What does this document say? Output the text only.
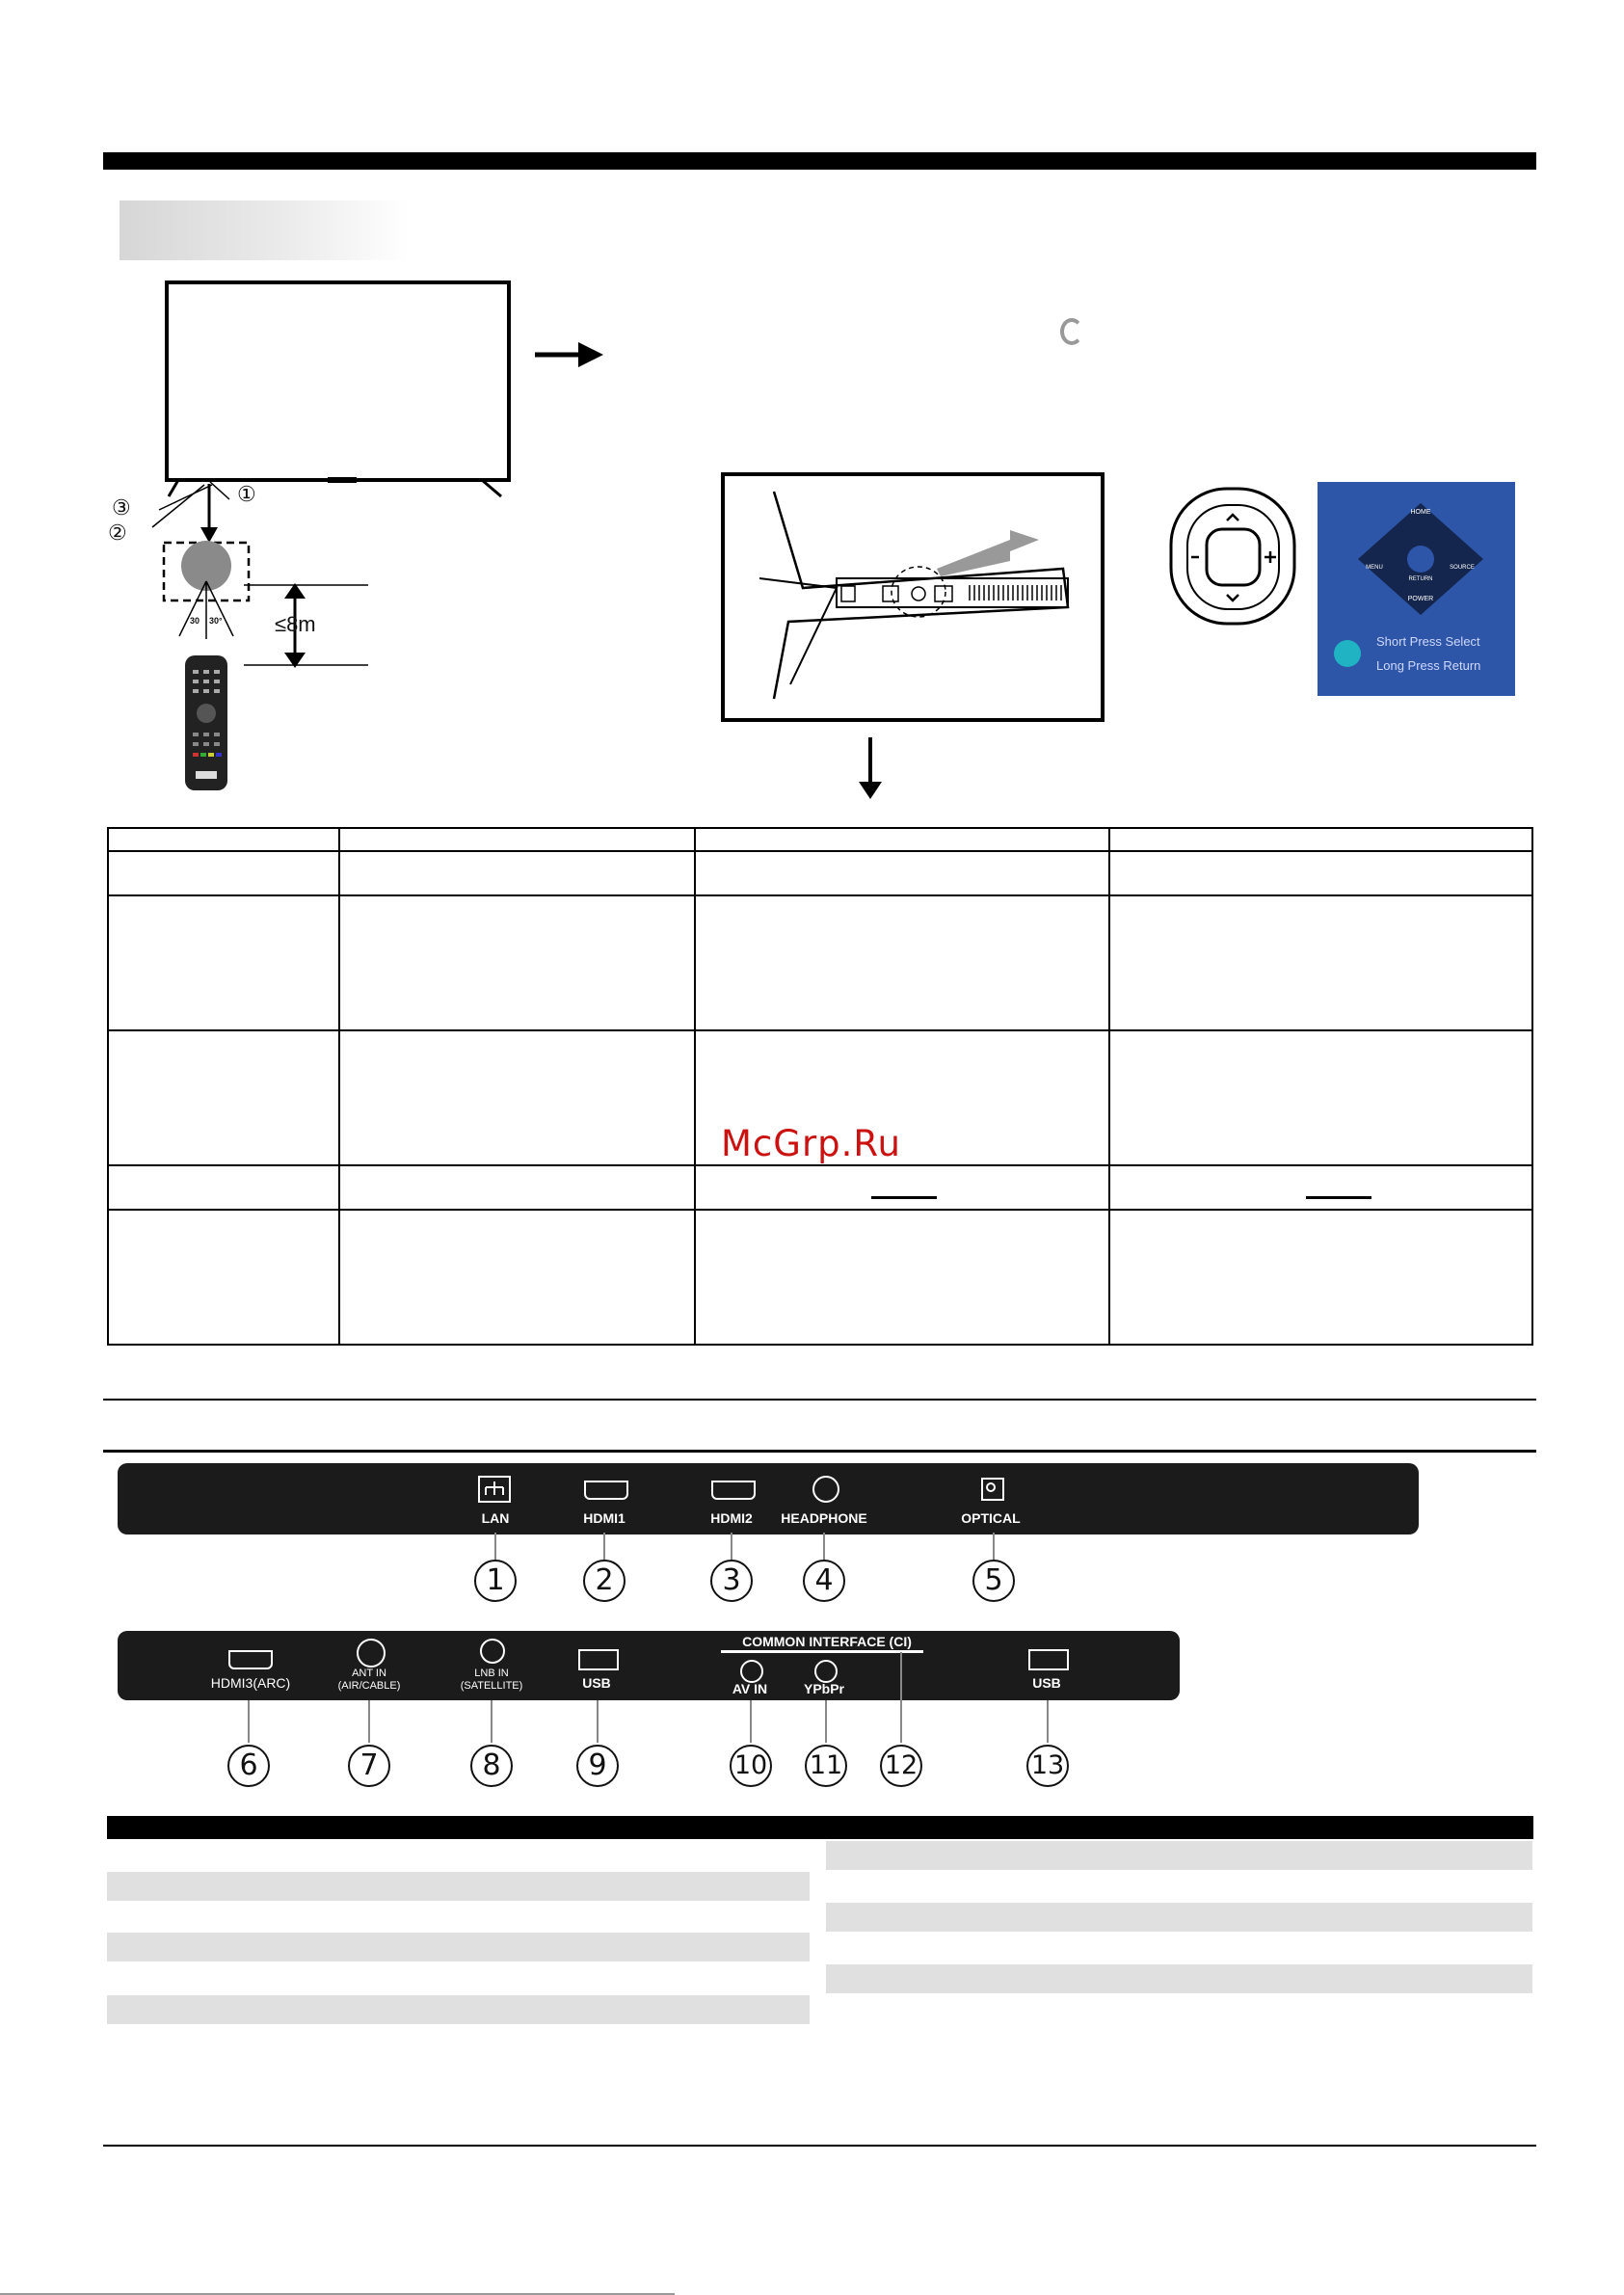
③
②
①
≤8m
30 30°
HOME
MENU
RETURN
SOURCE
POWER
Short Press Select
Long Press Return

McGrp.Ru
LAN	HDMI1	HDMI2	HEADPHONE	OPTICAL
1	2	3	4	5
COMMON INTERFACE (CI)
HDMI3(ARC)
ANT IN
(AIR/CABLE)
LNB IN
(SATELLITE)	USB	AV IN	YPbPr	USB
6	7	8	9	10 11 12	13
